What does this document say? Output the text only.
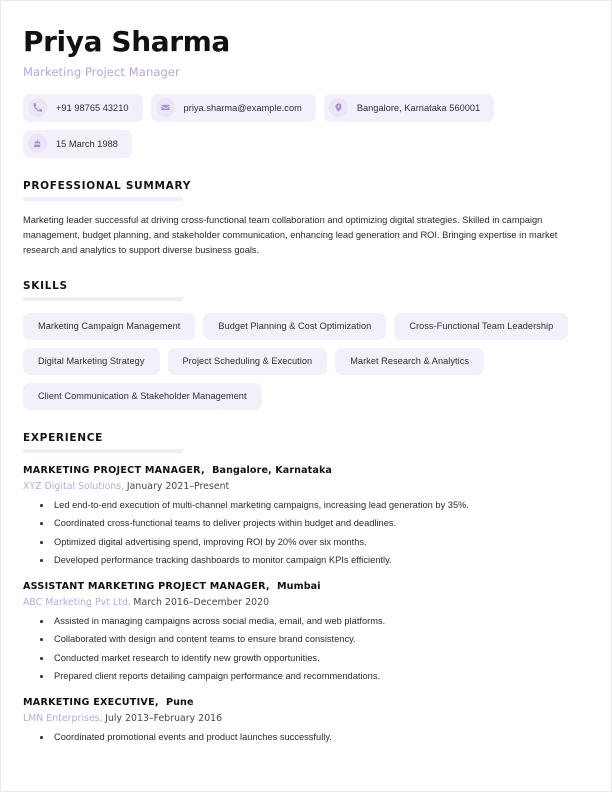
Priya Sharma
Marketing Project Manager
+91 98765 43210	priya.sharma@example.com	Bangalore, Karnataka 560001
15 March 1988
PROFESSIONAL SUMMARY

Marketing leader successful at driving cross-functional team collaboration and optimizing digital strategies. Skilled in campaign management, budget planning, and stakeholder communication, enhancing lead generation and ROI. Bringing expertise in market research and analytics to support diverse business goals.

SKILLS
Marketing Campaign Management	Budget Planning & Cost Optimization	Cross-Functional Team Leadership
Digital Marketing Strategy	Project Scheduling & Execution	Market Research & Analytics
Client Communication & Stakeholder Management
EXPERIENCE
MARKETING PROJECT MANAGER, Bangalore, Karnataka
XYZ Digital Solutions, January 2021–Present
Led end-to-end execution of multi-channel marketing campaigns, increasing lead generation by 35%.
Coordinated cross-functional teams to deliver projects within budget and deadlines.
Optimized digital advertising spend, improving ROI by 20% over six months.
Developed performance tracking dashboards to monitor campaign KPIs efficiently.
ASSISTANT MARKETING PROJECT MANAGER, Mumbai
ABC Marketing Pvt Ltd, March 2016–December 2020
Assisted in managing campaigns across social media, email, and web platforms.
Collaborated with design and content teams to ensure brand consistency.
Conducted market research to identify new growth opportunities.
Prepared client reports detailing campaign performance and recommendations.
MARKETING EXECUTIVE, Pune
LMN Enterprises, July 2013–February 2016
Coordinated promotional events and product launches successfully.
